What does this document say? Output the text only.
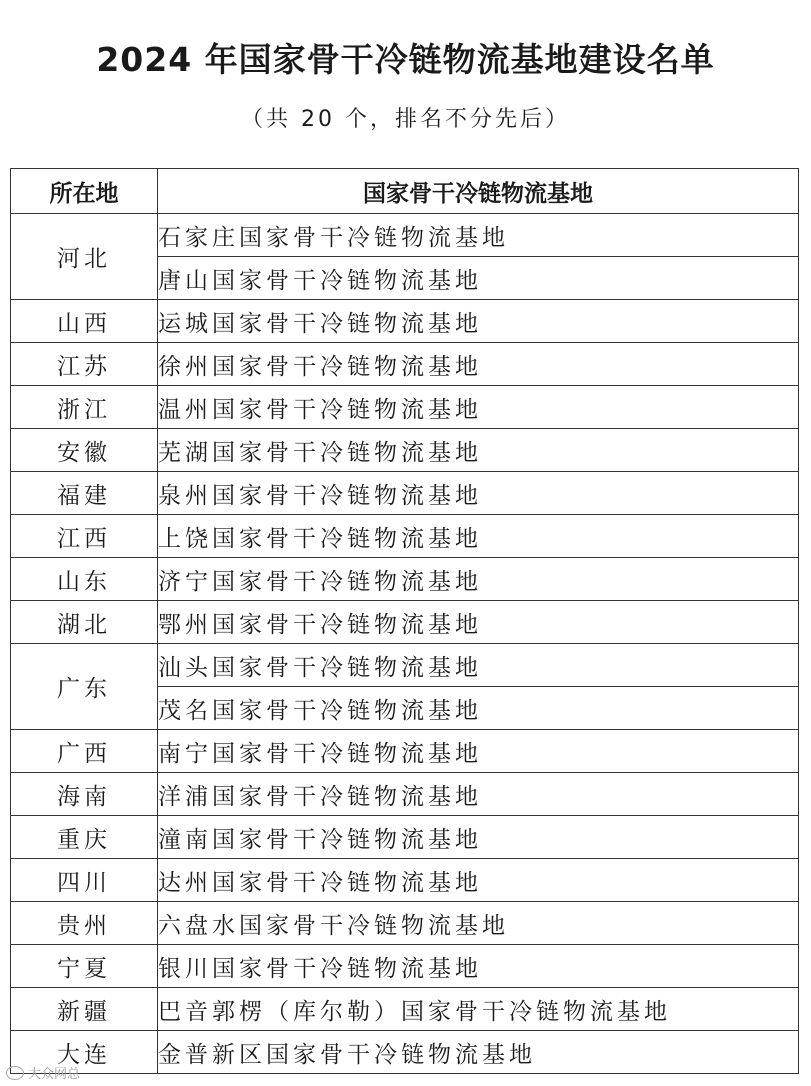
2024 年国家骨干冷链物流基地建设名单
（共 20 个，排名不分先后）
所在地	国家骨干冷链物流基地
河北	石家庄国家骨干冷链物流基地
	唐山国家骨干冷链物流基地
山西	运城国家骨干冷链物流基地
江苏	徐州国家骨干冷链物流基地
浙江	温州国家骨干冷链物流基地
安徽	芜湖国家骨干冷链物流基地
福建	泉州国家骨干冷链物流基地
江西	上饶国家骨干冷链物流基地
山东	济宁国家骨干冷链物流基地
湖北	鄂州国家骨干冷链物流基地
广东	汕头国家骨干冷链物流基地
	茂名国家骨干冷链物流基地
广西	南宁国家骨干冷链物流基地
海南	洋浦国家骨干冷链物流基地
重庆	潼南国家骨干冷链物流基地
四川	达州国家骨干冷链物流基地
贵州	六盘水国家骨干冷链物流基地
宁夏	银川国家骨干冷链物流基地
新疆	巴音郭楞（库尔勒）国家骨干冷链物流基地
大连	金普新区国家骨干冷链物流基地
大众网总
